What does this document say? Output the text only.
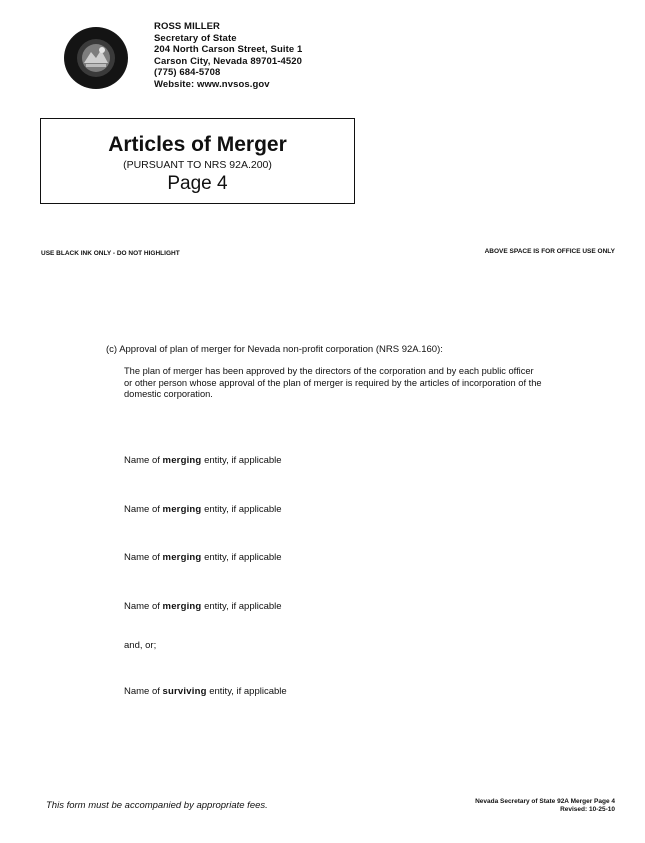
ROSS MILLER
Secretary of State
204 North Carson Street, Suite 1
Carson City, Nevada 89701-4520
(775) 684-5708
Website: www.nvsos.gov
Articles of Merger
(PURSUANT TO NRS 92A.200)
Page 4
USE BLACK INK ONLY - DO NOT HIGHLIGHT	ABOVE SPACE IS FOR OFFICE USE ONLY
(c) Approval of plan of merger for Nevada non-profit corporation (NRS 92A.160):
The plan of merger has been approved by the directors of the corporation and by each public officer or other person whose approval of the plan of merger is required by the articles of incorporation of the domestic corporation.
Name of merging entity, if applicable
Name of merging entity, if applicable
Name of merging entity, if applicable
Name of merging entity, if applicable
and, or;
Name of surviving entity, if applicable
This form must be accompanied by appropriate fees.	Nevada Secretary of State 92A Merger Page 4
Revised: 10-25-10
